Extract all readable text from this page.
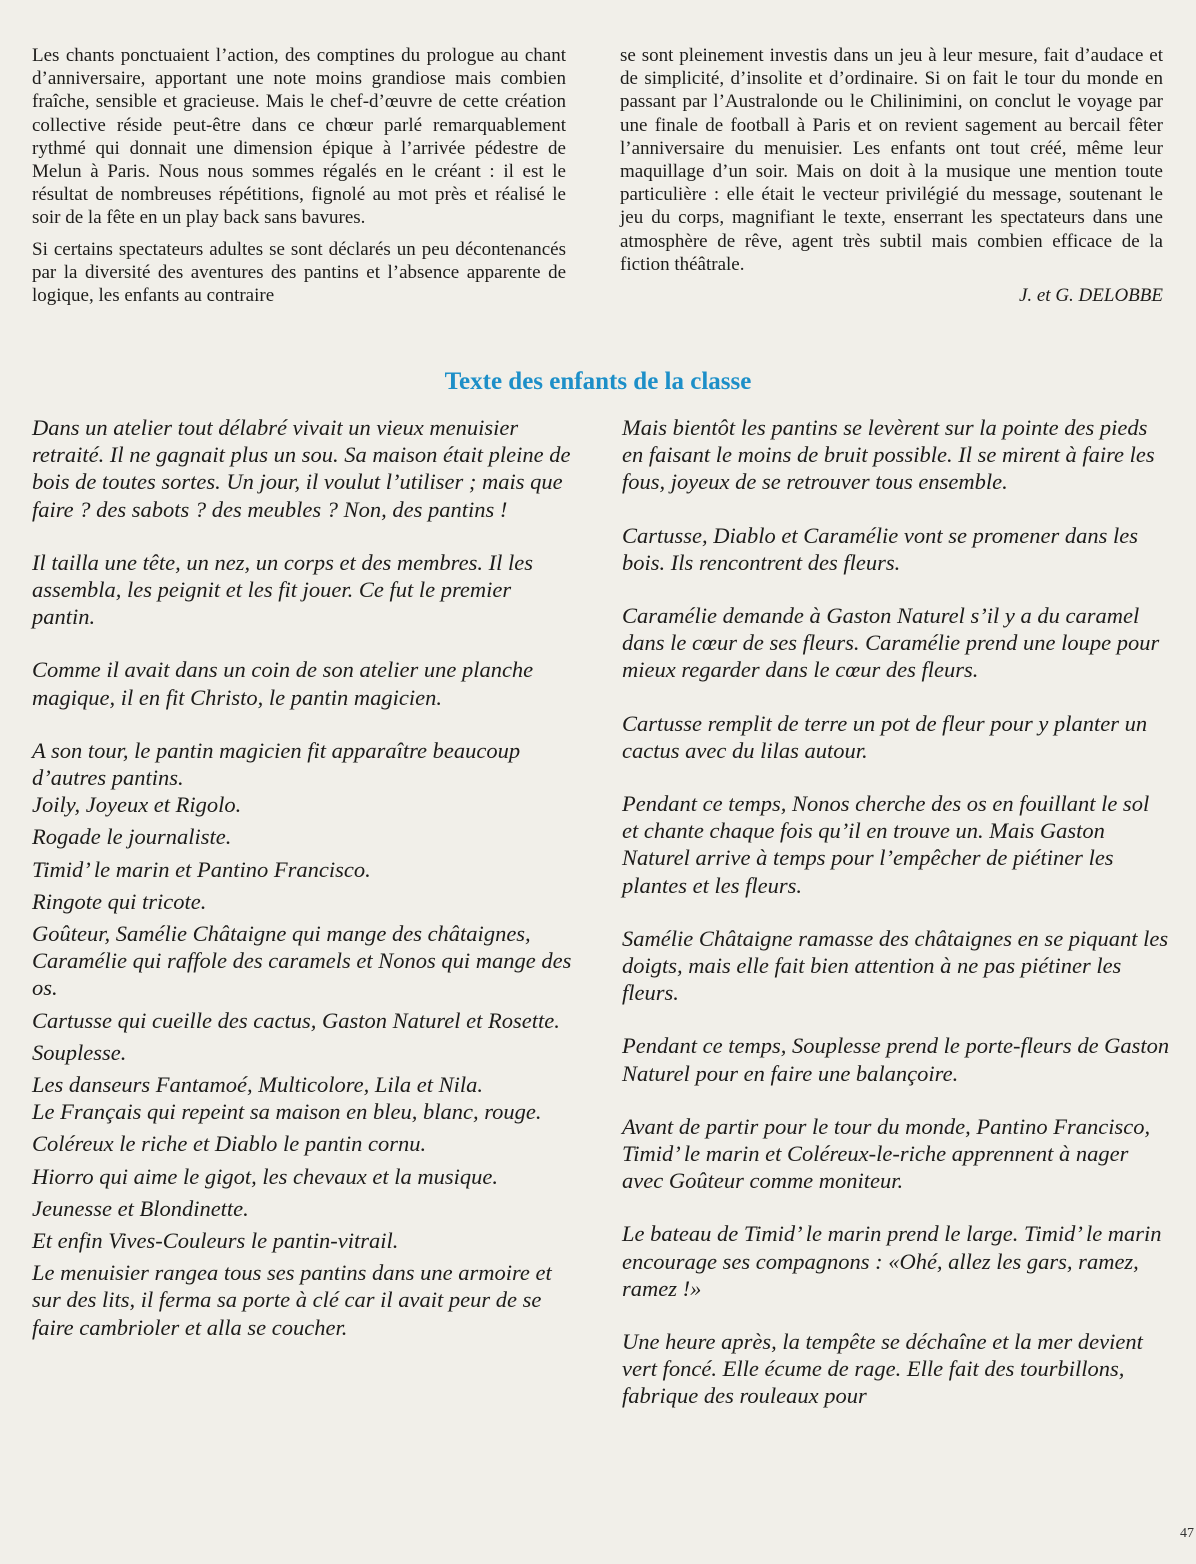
Les chants ponctuaient l’action, des comptines du prologue au chant d’anniversaire, apportant une note moins grandiose mais combien fraîche, sensible et gracieuse. Mais le chef-d’œuvre de cette création collective réside peut-être dans ce chœur parlé remarquablement rythmé qui donnait une dimension épique à l’arrivée pédestre de Melun à Paris. Nous nous sommes régalés en le créant : il est le résultat de nombreuses répétitions, fignolé au mot près et réalisé le soir de la fête en un play back sans bavures.

Si certains spectateurs adultes se sont déclarés un peu décontenancés par la diversité des aventures des pantins et l’absence apparente de logique, les enfants au contraire

se sont pleinement investis dans un jeu à leur mesure, fait d’audace et de simplicité, d’insolite et d’ordinaire. Si on fait le tour du monde en passant par l’Australonde ou le Chilinimini, on conclut le voyage par une finale de football à Paris et on revient sagement au bercail fêter l’anniversaire du menuisier. Les enfants ont tout créé, même leur maquillage d’un soir. Mais on doit à la musique une mention toute particulière : elle était le vecteur privilégié du message, soutenant le jeu du corps, magnifiant le texte, enserrant les spectateurs dans une atmosphère de rêve, agent très subtil mais combien efficace de la fiction théâtrale.

J. et G. DELOBBE
Texte des enfants de la classe

Dans un atelier tout délabré vivait un vieux menuisier retraité. Il ne gagnait plus un sou. Sa maison était pleine de bois de toutes sortes. Un jour, il voulut l’utiliser ; mais que faire ? des sabots ? des meubles ? Non, des pantins !

Il tailla une tête, un nez, un corps et des membres. Il les assembla, les peignit et les fit jouer. Ce fut le premier pantin.

Comme il avait dans un coin de son atelier une planche magique, il en fit Christo, le pantin magicien.

A son tour, le pantin magicien fit apparaître beaucoup d’autres pantins.

Joily, Joyeux et Rigolo.

Rogade le journaliste.

Timid’ le marin et Pantino Francisco.

Ringote qui tricote.

Goûteur, Samélie Châtaigne qui mange des châtaignes, Caramélie qui raffole des caramels et Nonos qui mange des os.

Cartusse qui cueille des cactus, Gaston Naturel et Rosette.

Souplesse.

Les danseurs Fantamoé, Multicolore, Lila et Nila.

Le Français qui repeint sa maison en bleu, blanc, rouge.

Coléreux le riche et Diablo le pantin cornu.

Hiorro qui aime le gigot, les chevaux et la musique.

Jeunesse et Blondinette.

Et enfin Vives-Couleurs le pantin-vitrail.

Le menuisier rangea tous ses pantins dans une armoire et sur des lits, il ferma sa porte à clé car il avait peur de se faire cambrioler et alla se coucher.

Mais bientôt les pantins se levèrent sur la pointe des pieds en faisant le moins de bruit possible. Il se mirent à faire les fous, joyeux de se retrouver tous ensemble.

Cartusse, Diablo et Caramélie vont se promener dans les bois. Ils rencontrent des fleurs.

Caramélie demande à Gaston Naturel s’il y a du caramel dans le cœur de ses fleurs. Caramélie prend une loupe pour mieux regarder dans le cœur des fleurs.

Cartusse remplit de terre un pot de fleur pour y planter un cactus avec du lilas autour.

Pendant ce temps, Nonos cherche des os en fouillant le sol et chante chaque fois qu’il en trouve un. Mais Gaston Naturel arrive à temps pour l’empêcher de piétiner les plantes et les fleurs.

Samélie Châtaigne ramasse des châtaignes en se piquant les doigts, mais elle fait bien attention à ne pas piétiner les fleurs.

Pendant ce temps, Souplesse prend le porte-fleurs de Gaston Naturel pour en faire une balançoire.

Avant de partir pour le tour du monde, Pantino Francisco, Timid’ le marin et Coléreux-le-riche apprennent à nager avec Goûteur comme moniteur.

Le bateau de Timid’ le marin prend le large. Timid’ le marin encourage ses compagnons : «Ohé, allez les gars, ramez, ramez !»

Une heure après, la tempête se déchaîne et la mer devient vert foncé. Elle écume de rage. Elle fait des tourbillons, fabrique des rouleaux pour

47
